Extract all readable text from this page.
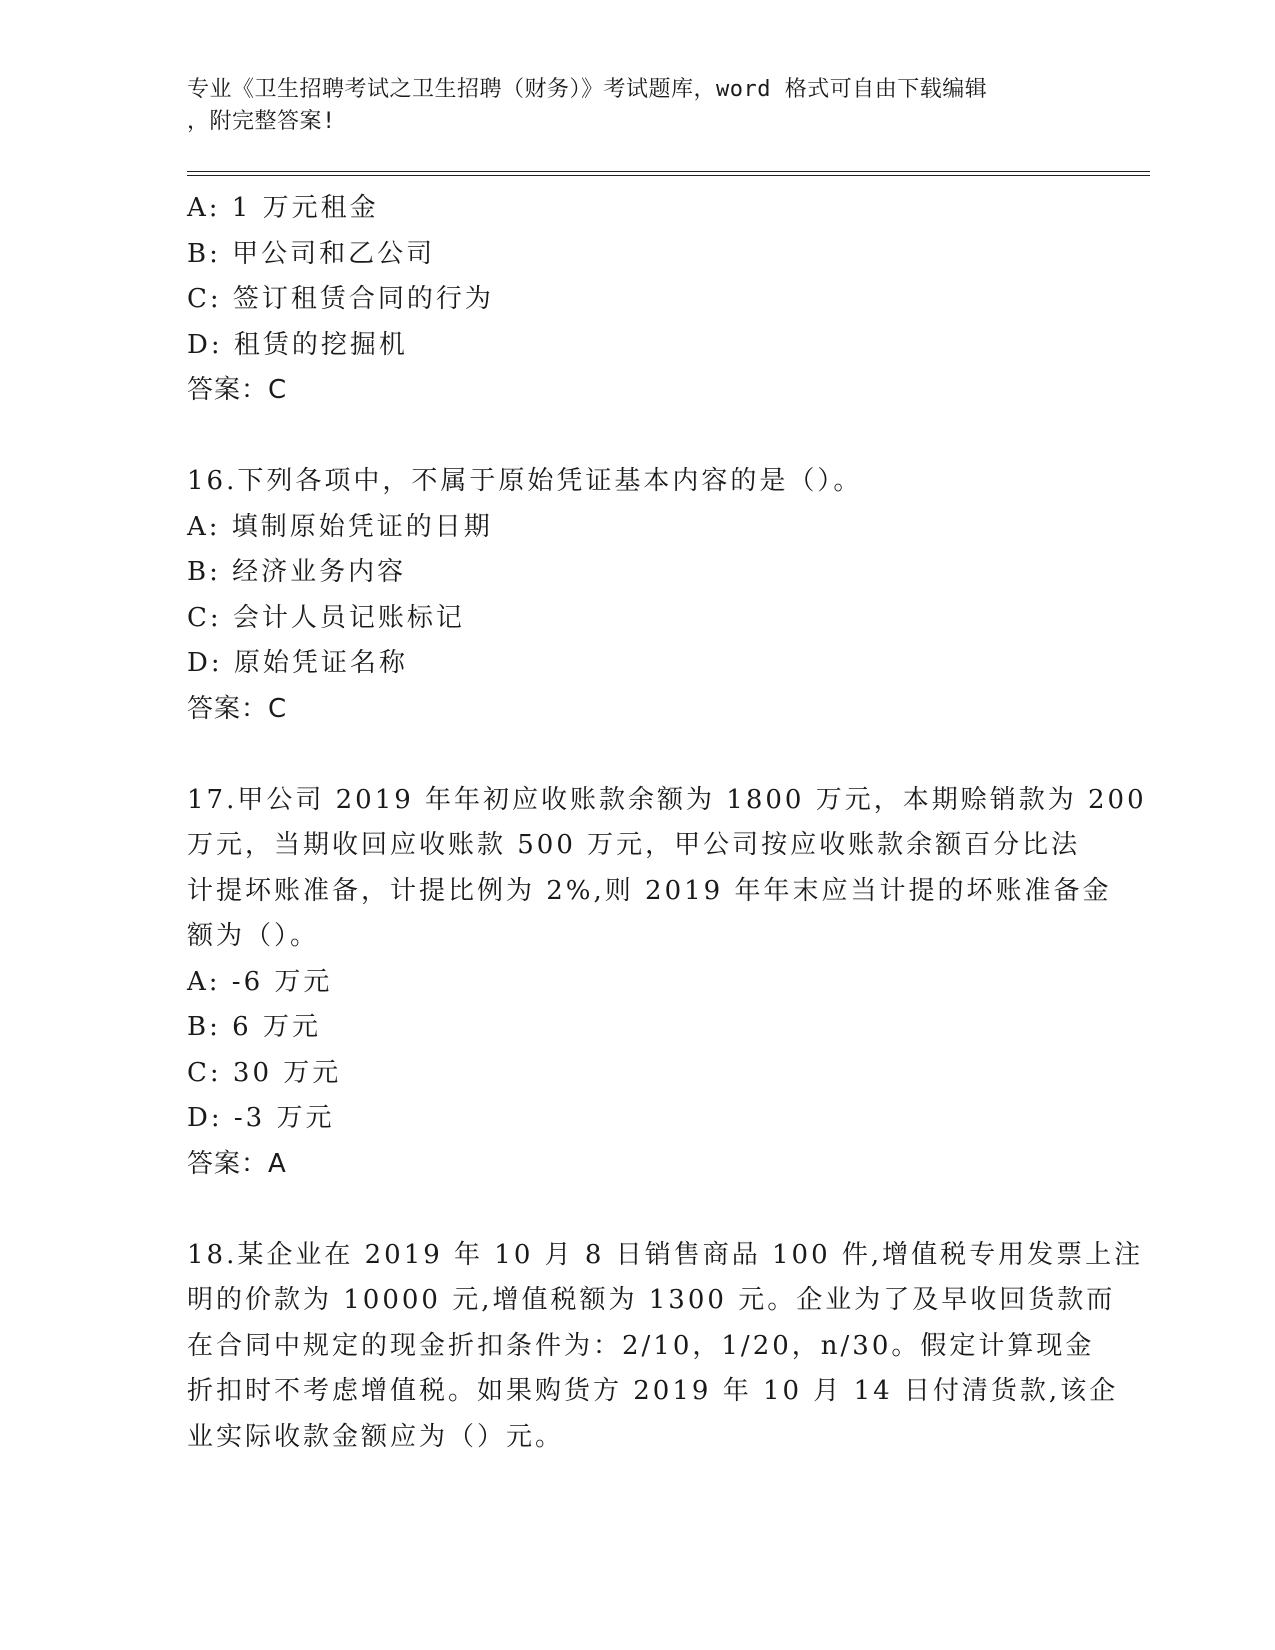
专业《卫生招聘考试之卫生招聘（财务）》考试题库，word 格式可自由下载编辑
，附完整答案!
A: 1 万元租金
B: 甲公司和乙公司
C: 签订租赁合同的行为
D: 租赁的挖掘机
答案：C
16.下列各项中，不属于原始凭证基本内容的是（）。
A: 填制原始凭证的日期
B: 经济业务内容
C: 会计人员记账标记
D: 原始凭证名称
答案：C
17.甲公司 2019 年年初应收账款余额为 1800 万元，本期赊销款为 200
万元，当期收回应收账款 500 万元，甲公司按应收账款余额百分比法
计提坏账准备，计提比例为 2%,则 2019 年年末应当计提的坏账准备金
额为（）。
A: -6 万元
B: 6 万元
C: 30 万元
D: -3 万元
答案：A
18.某企业在 2019 年 10 月 8 日销售商品 100 件,增值税专用发票上注
明的价款为 10000 元,增值税额为 1300 元。企业为了及早收回货款而
在合同中规定的现金折扣条件为：2/10，1/20，n/30。假定计算现金
折扣时不考虑增值税。如果购货方 2019 年 10 月 14 日付清货款,该企
业实际收款金额应为（）元。
